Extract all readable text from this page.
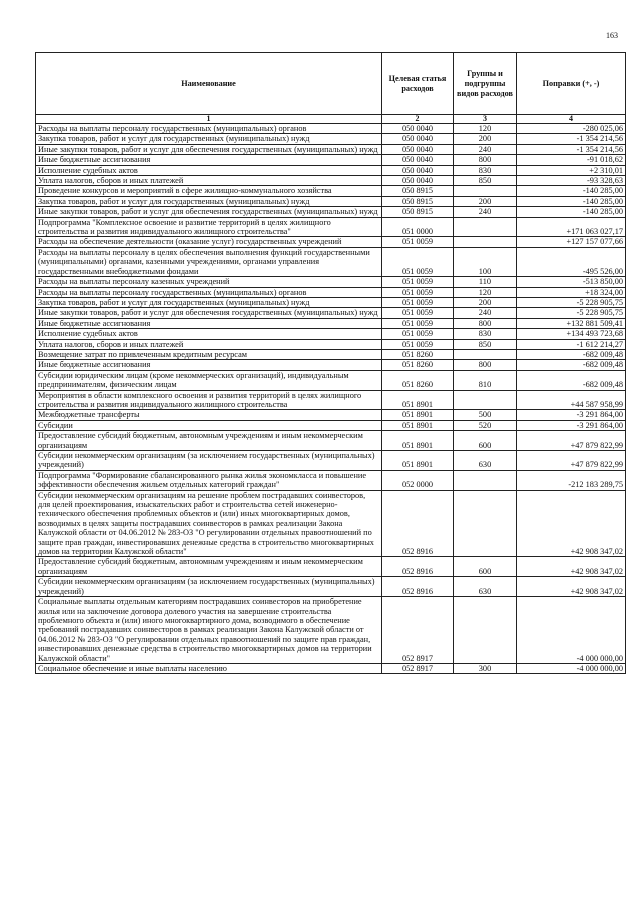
163
Наименование	Целевая статья расходов	Группы и подгруппы видов расходов	Поправки (+, -)
1	2	3	4
Расходы на выплаты персоналу государственных (муниципальных) органов	050 0040	120	-280 025,06
Закупка товаров, работ и услуг для государственных (муниципальных) нужд	050 0040	200	-1 354 214,56
Иные закупки товаров, работ и услуг для обеспечения государственных (муниципальных) нужд	050 0040	240	-1 354 214,56
Иные бюджетные ассигнования	050 0040	800	-91 018,62
Исполнение судебных актов	050 0040	830	+2 310,01
Уплата налогов, сборов и иных платежей	050 0040	850	-93 328,63
Проведение конкурсов и мероприятий в сфере жилищно-коммунального хозяйства	050 8915		-140 285,00
Закупка товаров, работ и услуг для государственных (муниципальных) нужд	050 8915	200	-140 285,00
Иные закупки товаров, работ и услуг для обеспечения государственных (муниципальных) нужд	050 8915	240	-140 285,00
Подпрограмма "Комплексное освоение и развитие территорий в целях жилищного строительства и развития индивидуального жилищного строительства"	051 0000		+171 063 027,17
Расходы на обеспечение деятельности (оказание услуг) государственных учреждений	051 0059		+127 157 077,66
Расходы на выплаты персоналу в целях обеспечения выполнения функций государственными (муниципальными) органами, казенными учреждениями, органами управления государственными внебюджетными фондами	051 0059	100	-495 526,00
Расходы на выплаты персоналу казенных учреждений	051 0059	110	-513 850,00
Расходы на выплаты персоналу государственных (муниципальных) органов	051 0059	120	+18 324,00
Закупка товаров, работ и услуг для государственных (муниципальных) нужд	051 0059	200	-5 228 905,75
Иные закупки товаров, работ и услуг для обеспечения государственных (муниципальных) нужд	051 0059	240	-5 228 905,75
Иные бюджетные ассигнования	051 0059	800	+132 881 509,41
Исполнение судебных актов	051 0059	830	+134 493 723,68
Уплата налогов, сборов и иных платежей	051 0059	850	-1 612 214,27
Возмещение затрат по привлеченным кредитным ресурсам	051 8260		-682 009,48
Иные бюджетные ассигнования	051 8260	800	-682 009,48
Субсидии юридическим лицам (кроме некоммерческих организаций), индивидуальным предпринимателям, физическим лицам	051 8260	810	-682 009,48
Мероприятия в области комплексного освоения и развития территорий в целях жилищного строительства и развития индивидуального жилищного строительства	051 8901		+44 587 958,99
Межбюджетные трансферты	051 8901	500	-3 291 864,00
Субсидии	051 8901	520	-3 291 864,00
Предоставление субсидий бюджетным, автономным учреждениям и иным некоммерческим организациям	051 8901	600	+47 879 822,99
Субсидии некоммерческим организациям (за исключением государственных (муниципальных) учреждений)	051 8901	630	+47 879 822,99
Подпрограмма "Формирование сбалансированного рынка жилья экономкласса и повышение эффективности обеспечения жильем отдельных категорий граждан"	052 0000		-212 183 289,75
Субсидии некоммерческим организациям на решение проблем пострадавших соинвесторов, для целей проектирования, изыскательских работ и строительства сетей инженерно-технического обеспечения проблемных объектов и (или) иных многоквартирных домов, возводимых в целях защиты пострадавших соинвесторов в рамках реализации Закона Калужской области от 04.06.2012 № 283-ОЗ "О регулировании отдельных правоотношений по защите прав граждан, инвестировавших денежные средства в строительство многоквартирных домов на территории Калужской области"	052 8916		+42 908 347,02
Предоставление субсидий бюджетным, автономным учреждениям и иным некоммерческим организациям	052 8916	600	+42 908 347,02
Субсидии некоммерческим организациям (за исключением государственных (муниципальных) учреждений)	052 8916	630	+42 908 347,02
Социальные выплаты отдельным категориям пострадавших соинвесторов на приобретение жилья или на заключение договора долевого участия на завершение строительства проблемного объекта и (или) иного многоквартирного дома, возводимого в обеспечение требований пострадавших соинвесторов в рамках реализации Закона Калужской области от 04.06.2012 № 283-ОЗ "О регулировании отдельных правоотношений по защите прав граждан, инвестировавших денежные средства в строительство многоквартирных домов на территории Калужской области"	052 8917		-4 000 000,00
Социальное обеспечение и иные выплаты населению	052 8917	300	-4 000 000,00
